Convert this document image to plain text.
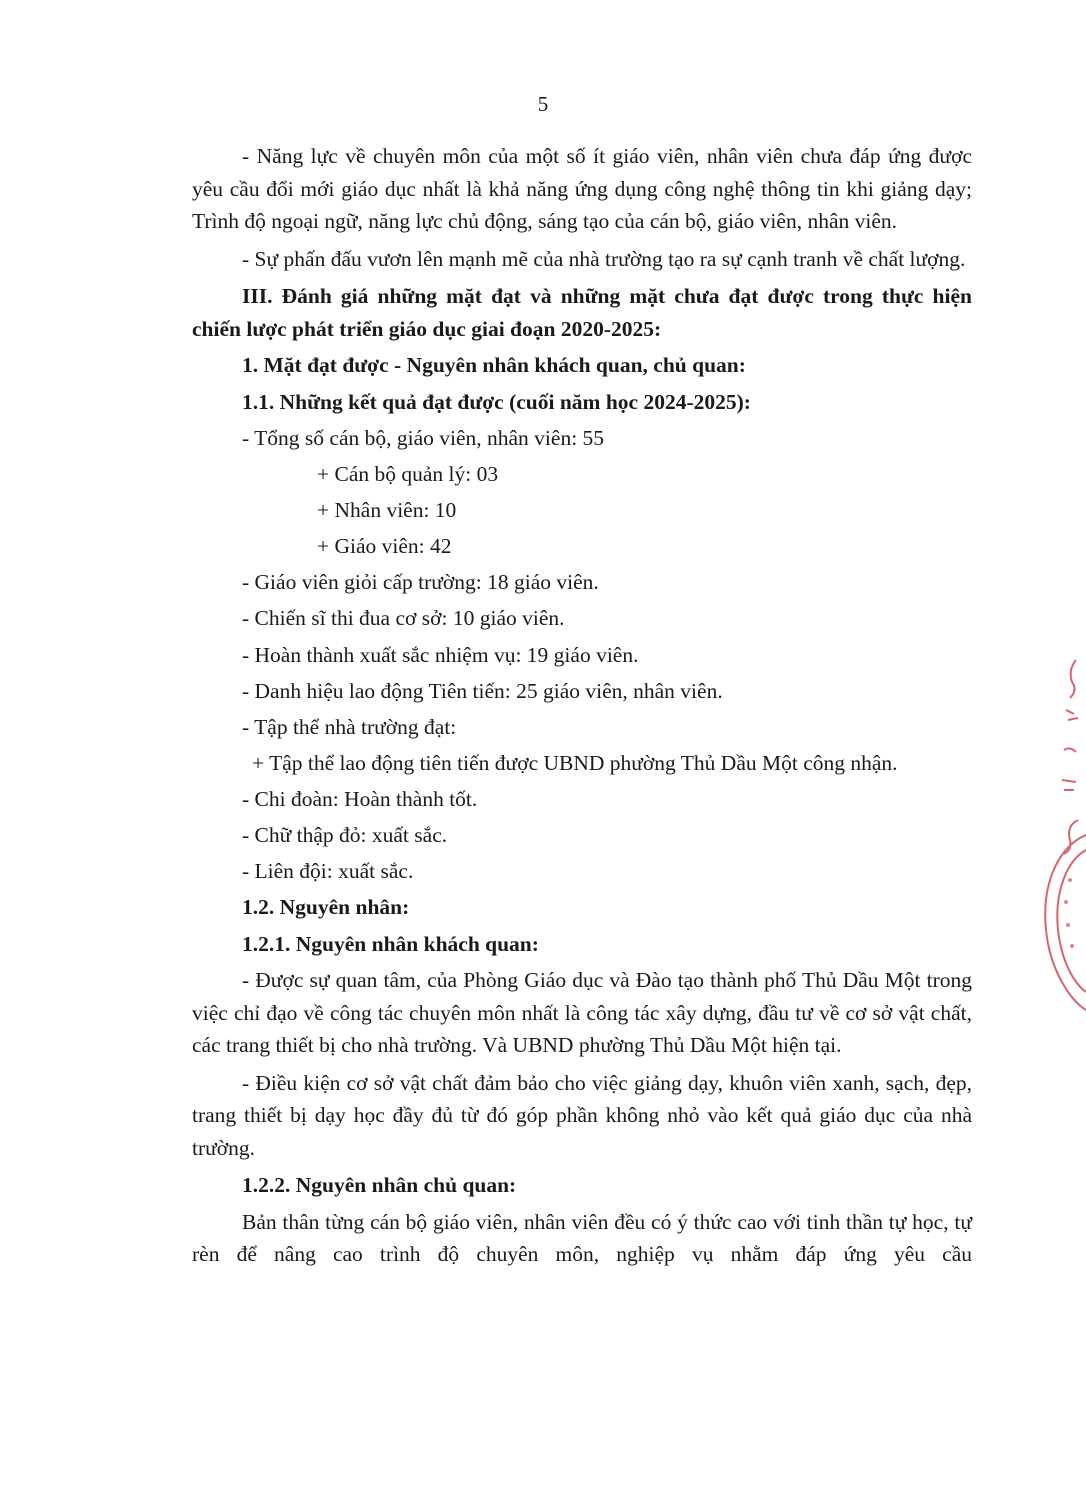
5

- Năng lực về chuyên môn của một số ít giáo viên, nhân viên chưa đáp ứng được yêu cầu đổi mới giáo dục nhất là khả năng ứng dụng công nghệ thông tin khi giảng dạy; Trình độ ngoại ngữ, năng lực chủ động, sáng tạo của cán bộ, giáo viên, nhân viên.

- Sự phấn đấu vươn lên mạnh mẽ của nhà trường tạo ra sự cạnh tranh về chất lượng.

III. Đánh giá những mặt đạt và những mặt chưa đạt được trong thực hiện chiến lược phát triển giáo dục giai đoạn 2020-2025:

1. Mặt đạt được - Nguyên nhân khách quan, chủ quan:

1.1. Những kết quả đạt được (cuối năm học 2024-2025):

- Tổng số cán bộ, giáo viên, nhân viên: 55
+ Cán bộ quản lý: 03
+ Nhân viên: 10
+ Giáo viên: 42
- Giáo viên giỏi cấp trường: 18 giáo viên.
- Chiến sĩ thi đua cơ sở: 10 giáo viên.
- Hoàn thành xuất sắc nhiệm vụ: 19 giáo viên.
- Danh hiệu lao động Tiên tiến: 25 giáo viên, nhân viên.
- Tập thể nhà trường đạt:
+ Tập thể lao động tiên tiến được UBND phường Thủ Dầu Một công nhận.
- Chi đoàn: Hoàn thành tốt.
- Chữ thập đỏ: xuất sắc.
- Liên đội: xuất sắc.

1.2. Nguyên nhân:

1.2.1. Nguyên nhân khách quan:

- Được sự quan tâm, của Phòng Giáo dục và Đào tạo thành phố Thủ Dầu Một trong việc chỉ đạo về công tác chuyên môn nhất là công tác xây dựng, đầu tư về cơ sở vật chất, các trang thiết bị cho nhà trường. Và UBND phường Thủ Dầu Một hiện tại.

- Điều kiện cơ sở vật chất đảm bảo cho việc giảng dạy, khuôn viên xanh, sạch, đẹp, trang thiết bị dạy học đầy đủ từ đó góp phần không nhỏ vào kết quả giáo dục của nhà trường.

1.2.2. Nguyên nhân chủ quan:

Bản thân từng cán bộ giáo viên, nhân viên đều có ý thức cao với tinh thần tự học, tự rèn để nâng cao trình độ chuyên môn, nghiệp vụ nhằm đáp ứng yêu cầu
